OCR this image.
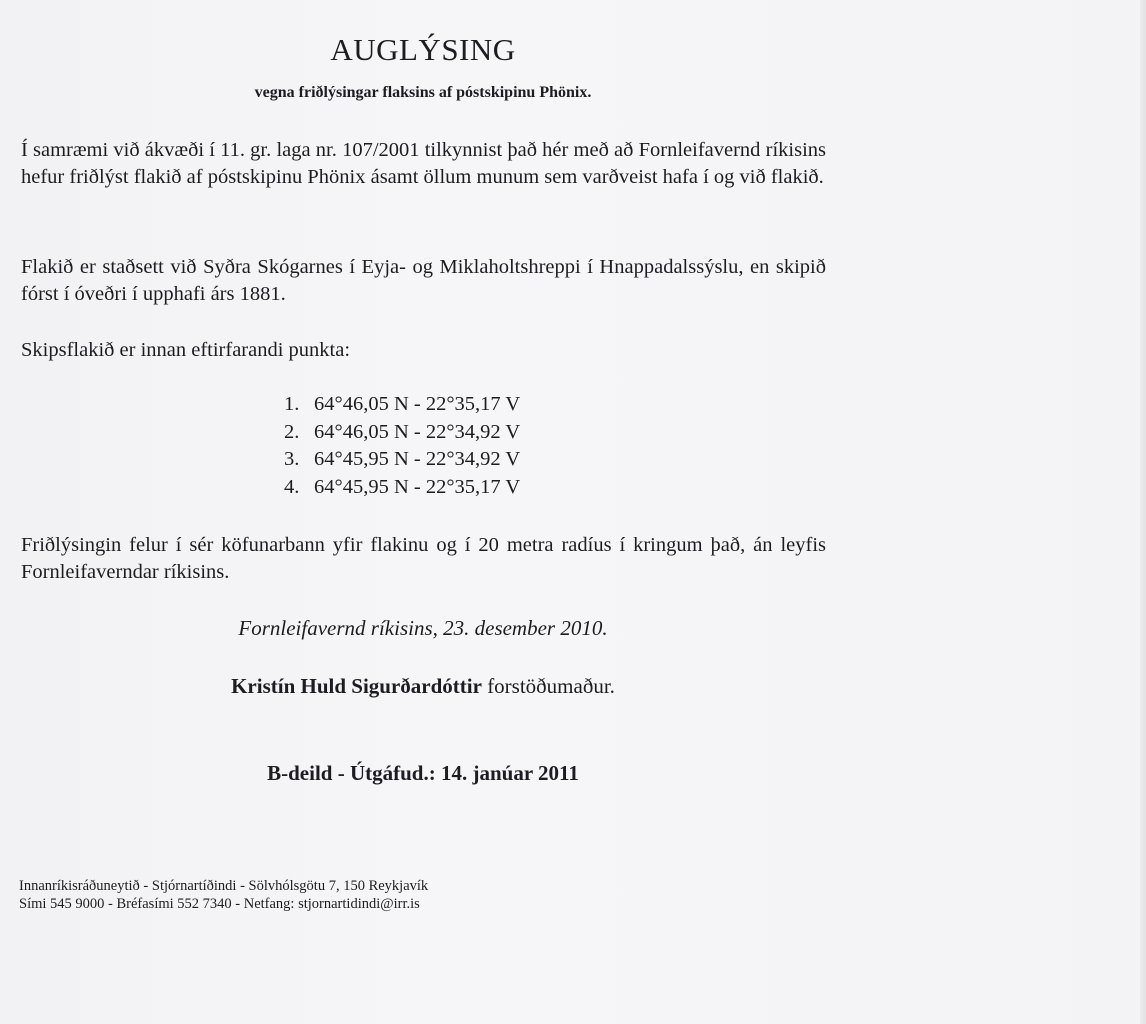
AUGLÝSING
vegna friðlýsingar flaksins af póstskipinu Phönix.
Í samræmi við ákvæði í 11. gr. laga nr. 107/2001 tilkynnist það hér með að Fornleifavernd ríkisins hefur friðlýst flakið af póstskipinu Phönix ásamt öllum munum sem varðveist hafa í og við flakið.
Flakið er staðsett við Syðra Skógarnes í Eyja- og Miklaholtshreppi í Hnappadalssýslu, en skipið fórst í óveðri í upphafi árs 1881.
Skipsflakið er innan eftirfarandi punkta:
1. 64°46,05 N - 22°35,17 V
2. 64°46,05 N - 22°34,92 V
3. 64°45,95 N - 22°34,92 V
4. 64°45,95 N - 22°35,17 V
Friðlýsingin felur í sér köfunarbann yfir flakinu og í 20 metra radíus í kringum það, án leyfis Fornleifaverndar ríkisins.
Fornleifavernd ríkisins, 23. desember 2010.
Kristín Huld Sigurðardóttir forstöðumaður.
B-deild - Útgáfud.: 14. janúar 2011
Innanríkisráðuneytið - Stjórnartíðindi - Sölvhólsgötu 7, 150 Reykjavík
Sími 545 9000 - Bréfasími 552 7340 - Netfang: stjornartidindi@irr.is
